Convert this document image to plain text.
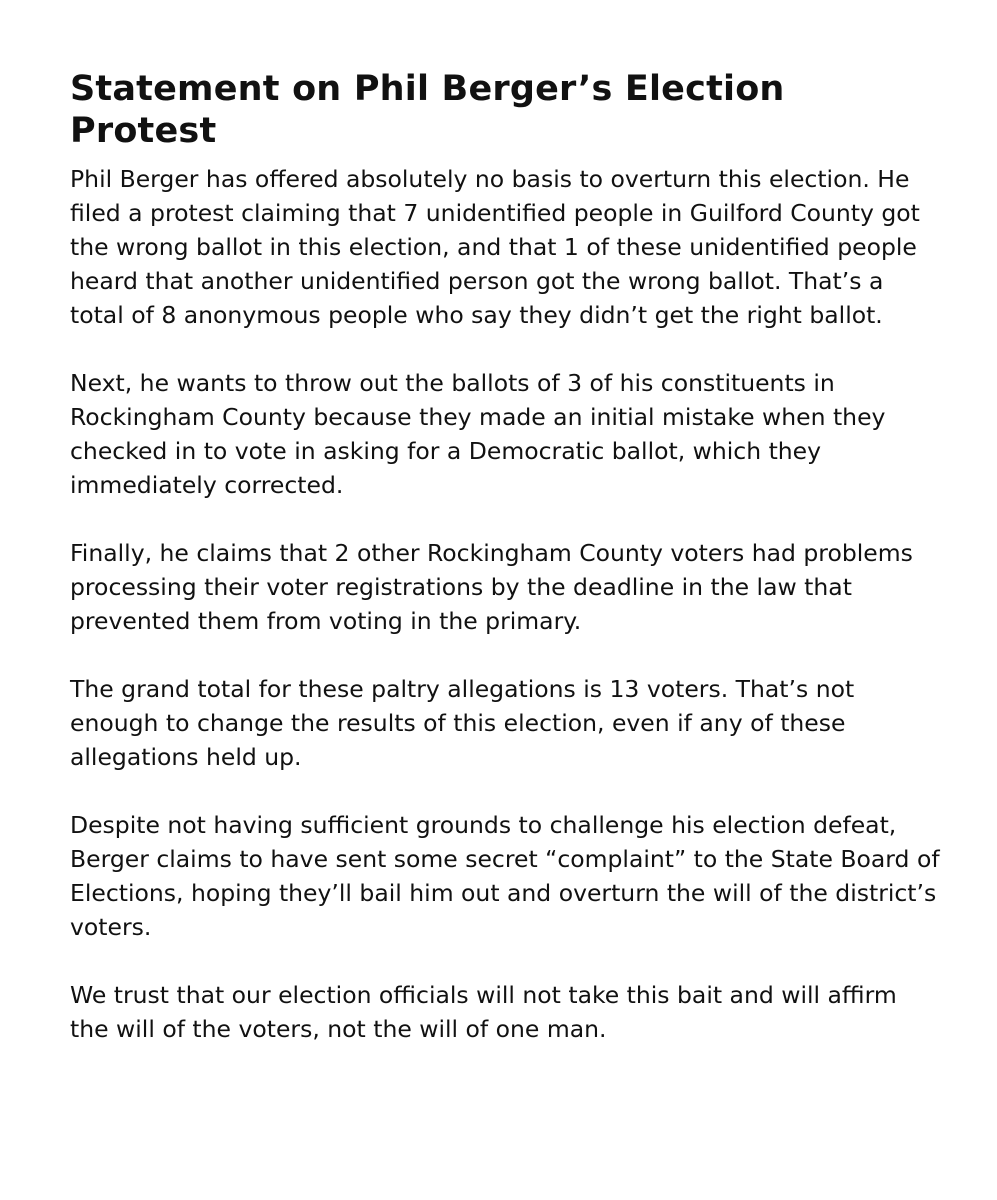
Statement on Phil Berger’s Election Protest

Phil Berger has offered absolutely no basis to overturn this election. He filed a protest claiming that 7 unidentified people in Guilford County got the wrong ballot in this election, and that 1 of these unidentified people heard that another unidentified person got the wrong ballot. That’s a total of 8 anonymous people who say they didn’t get the right ballot.

Next, he wants to throw out the ballots of 3 of his constituents in Rockingham County because they made an initial mistake when they checked in to vote in asking for a Democratic ballot, which they immediately corrected.

Finally, he claims that 2 other Rockingham County voters had problems processing their voter registrations by the deadline in the law that prevented them from voting in the primary.

The grand total for these paltry allegations is 13 voters. That’s not enough to change the results of this election, even if any of these allegations held up.

Despite not having sufficient grounds to challenge his election defeat, Berger claims to have sent some secret “complaint” to the State Board of Elections, hoping they’ll bail him out and overturn the will of the district’s voters.

We trust that our election officials will not take this bait and will affirm the will of the voters, not the will of one man.
